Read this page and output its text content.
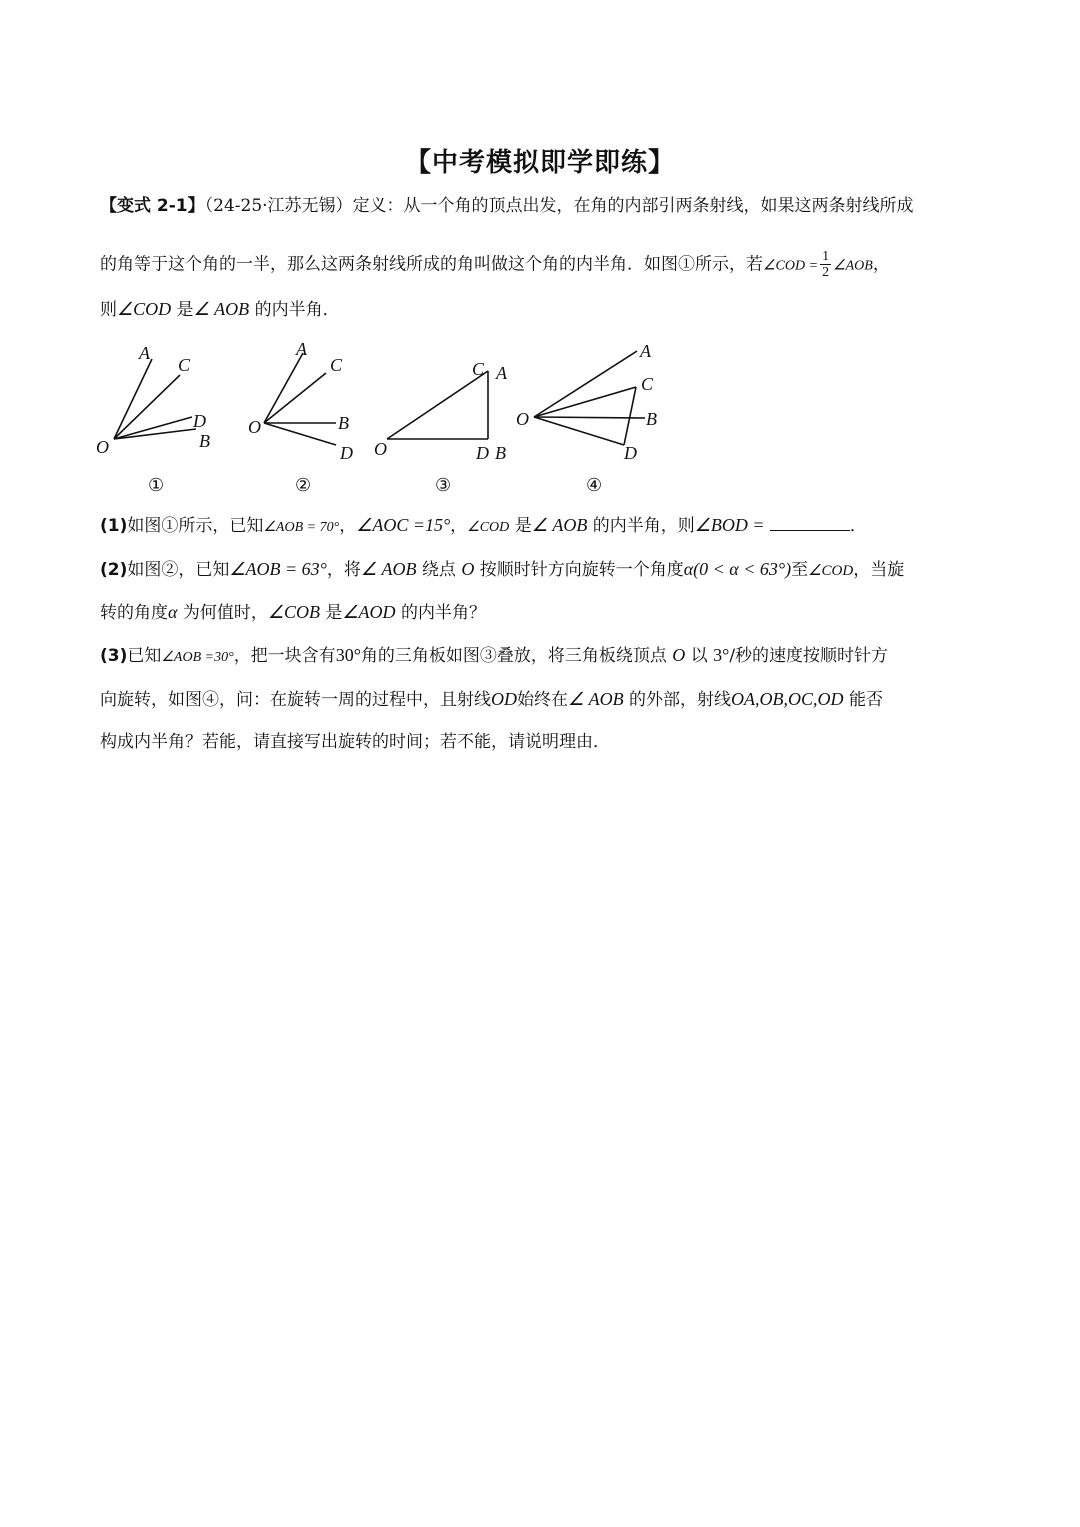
【中考模拟即学即练】
【变式 2-1】（24-25·江苏无锡）定义：从一个角的顶点出发，在角的内部引两条射线，如果这两条射线所成
的角等于这个角的一半，那么这两条射线所成的角叫做这个角的内半角．如图①所示，若∠COD = $\frac{1}{2}$ ∠AOB，
则∠COD 是∠ AOB 的内半角．
A
C
D
B
O
①
A
C
B
D
O
②
C A
O	D B
③
A
C
B
D
O
④
(1)如图①所示，已知∠AOB = 70°，∠AOC =15°，∠COD 是∠ AOB 的内半角，则∠BOD =	．
(2)如图②，已知∠AOB = 63°，将∠ AOB 绕点 O 按顺时针方向旋转一个角度α(0 < α < 63°)至∠COD，当旋
转的角度α 为何值时，∠COB 是∠AOD 的内半角？
(3)已知∠AOB =30°，把一块含有30°角的三角板如图③叠放，将三角板绕顶点 O 以 3°/秒的速度按顺时针方
向旋转，如图④，问：在旋转一周的过程中，且射线OD始终在∠ AOB 的外部，射线OA,OB,OC,OD 能否
构成内半角？若能，请直接写出旋转的时间；若不能，请说明理由．
